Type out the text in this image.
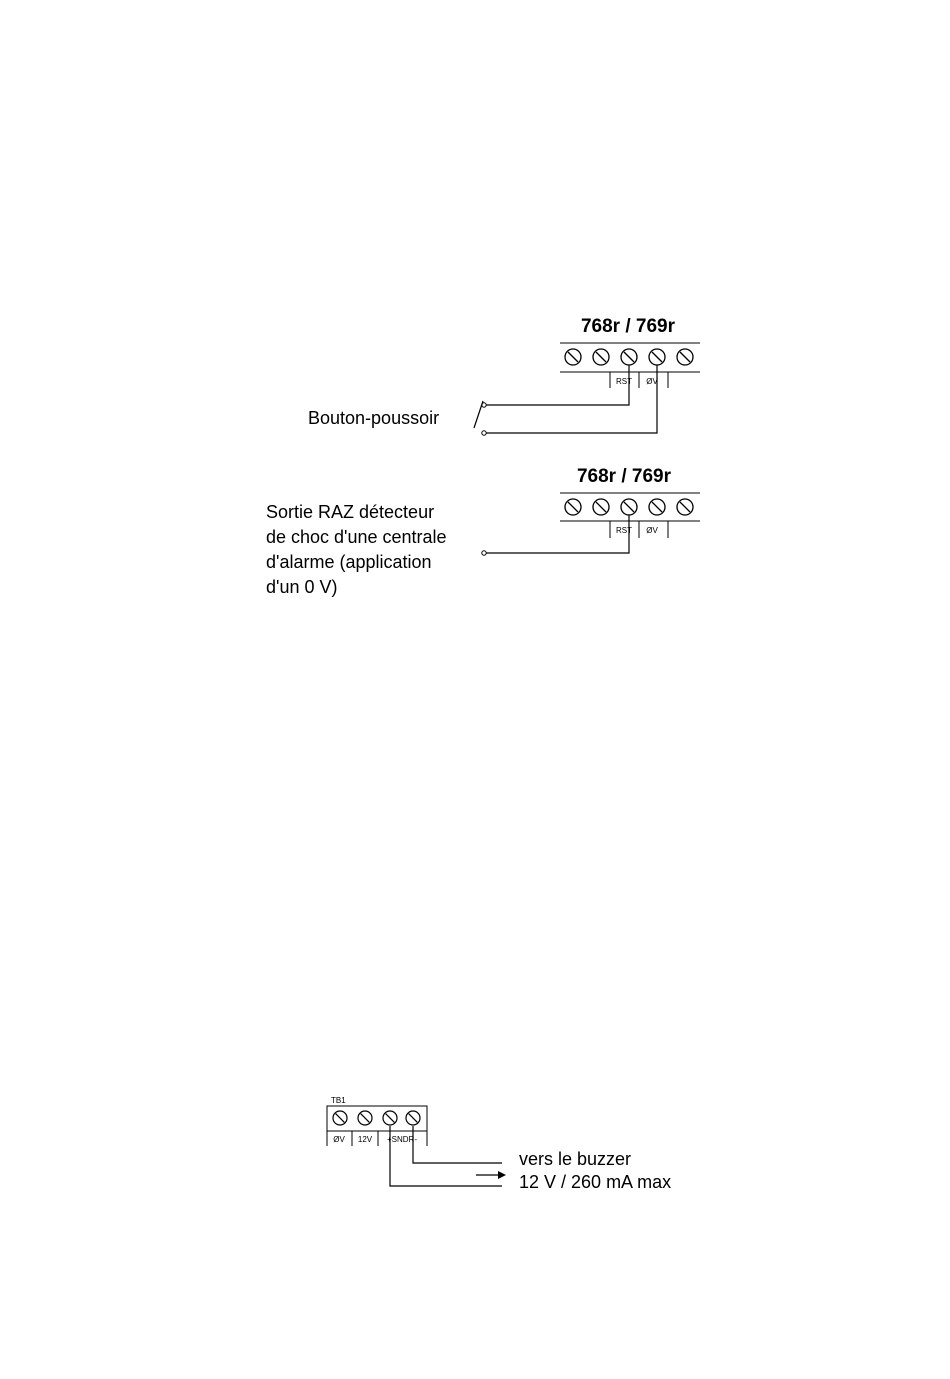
768r / 769r
RST ØV
Bouton-poussoir
768r / 769r
RST ØV
Sortie RAZ détecteur
de choc d'une centrale
d'alarme (application
d'un 0 V)
TB1
ØV 12V +SNDR-
vers le buzzer
12 V / 260 mA max
